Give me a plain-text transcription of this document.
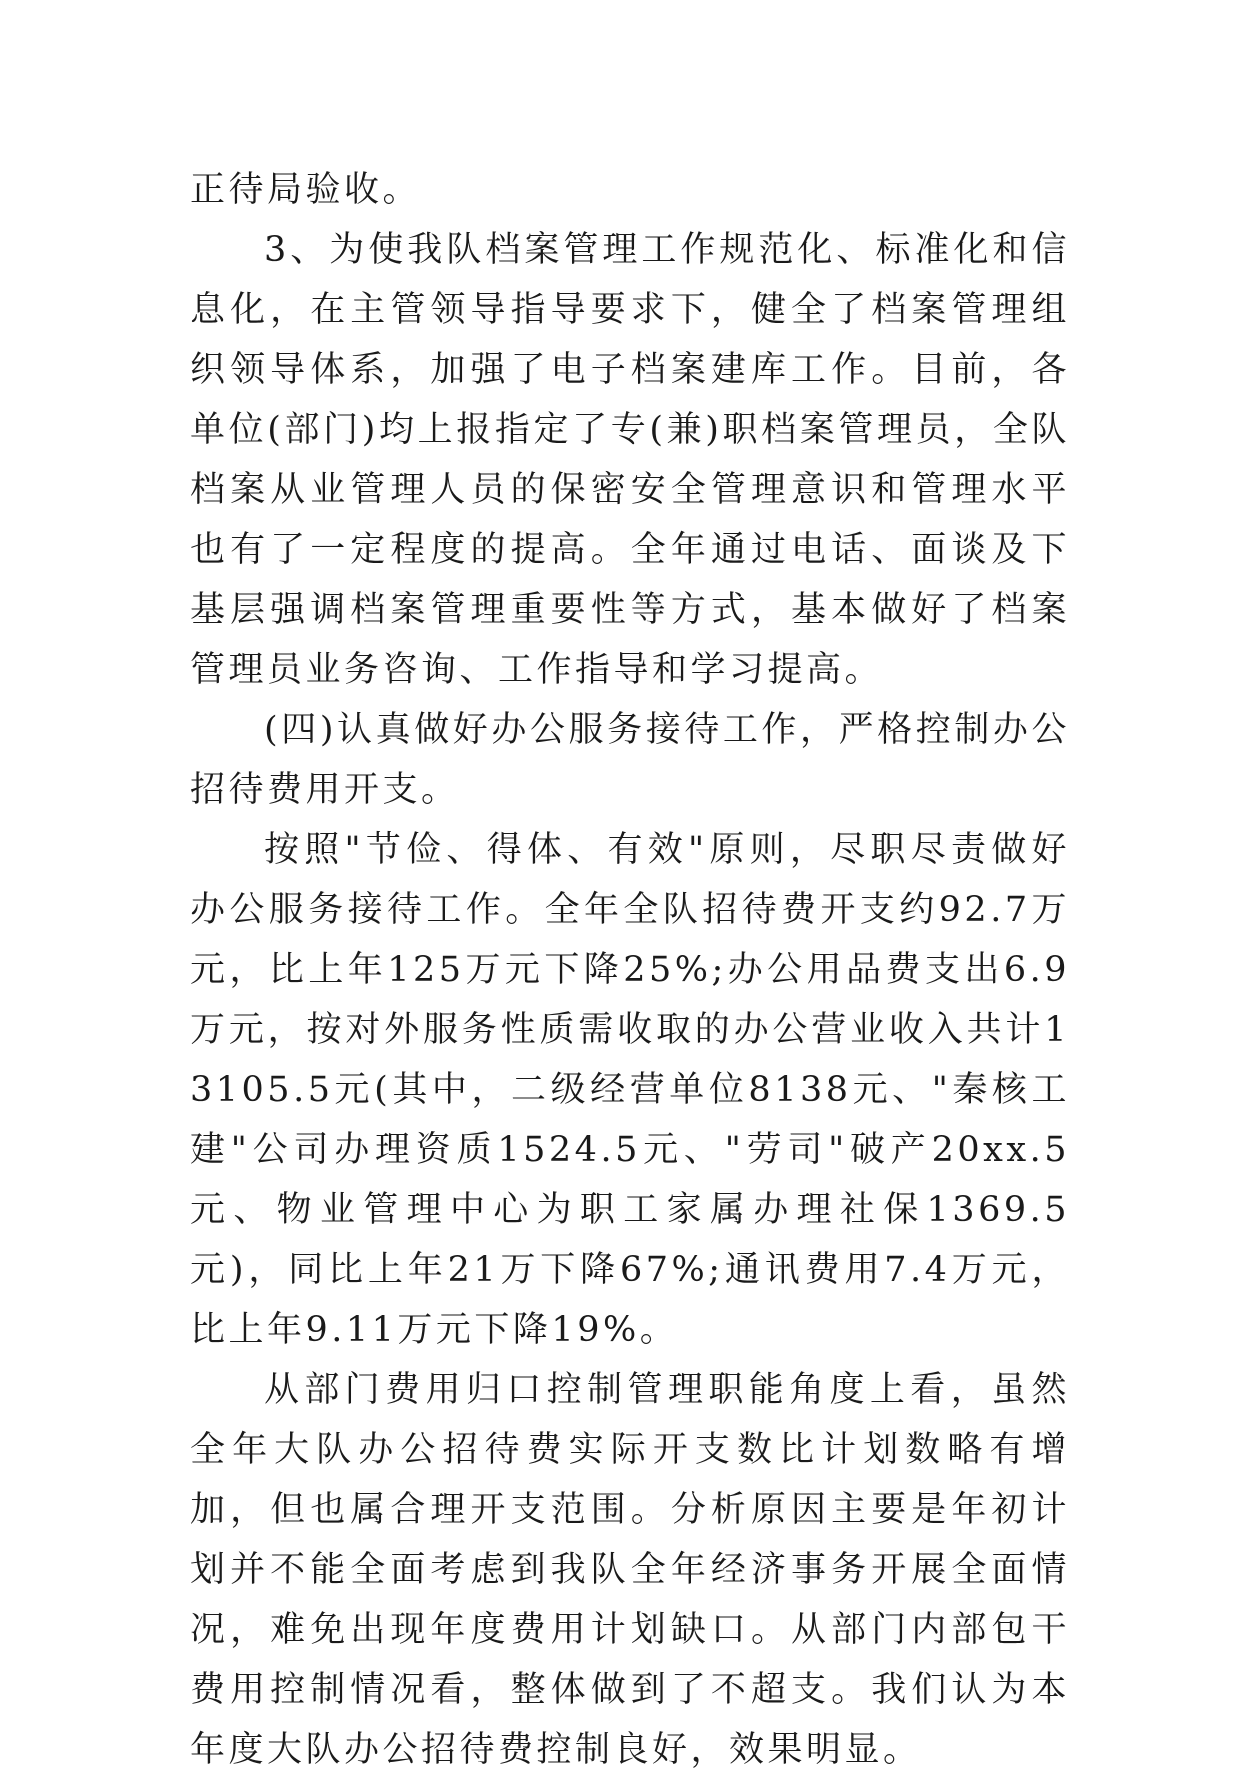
正待局验收。

3、为使我队档案管理工作规范化、标准化和信息化，在主管领导指导要求下，健全了档案管理组织领导体系，加强了电子档案建库工作。目前，各单位(部门)均上报指定了专(兼)职档案管理员，全队档案从业管理人员的保密安全管理意识和管理水平也有了一定程度的提高。全年通过电话、面谈及下基层强调档案管理重要性等方式，基本做好了档案管理员业务咨询、工作指导和学习提高。

(四)认真做好办公服务接待工作，严格控制办公招待费用开支。

按照"节俭、得体、有效"原则，尽职尽责做好办公服务接待工作。全年全队招待费开支约92.7万元，比上年125万元下降25%;办公用品费支出6.9万元，按对外服务性质需收取的办公营业收入共计13105.5元(其中，二级经营单位8138元、"秦核工建"公司办理资质1524.5元、"劳司"破产20xx.5元、物业管理中心为职工家属办理社保1369.5元)，同比上年21万下降67%;通讯费用7.4万元，比上年9.11万元下降19%。

从部门费用归口控制管理职能角度上看，虽然全年大队办公招待费实际开支数比计划数略有增加，但也属合理开支范围。分析原因主要是年初计划并不能全面考虑到我队全年经济事务开展全面情况，难免出现年度费用计划缺口。从部门内部包干费用控制情况看，整体做到了不超支。我们认为本年度大队办公招待费控制良好，效果明显。
